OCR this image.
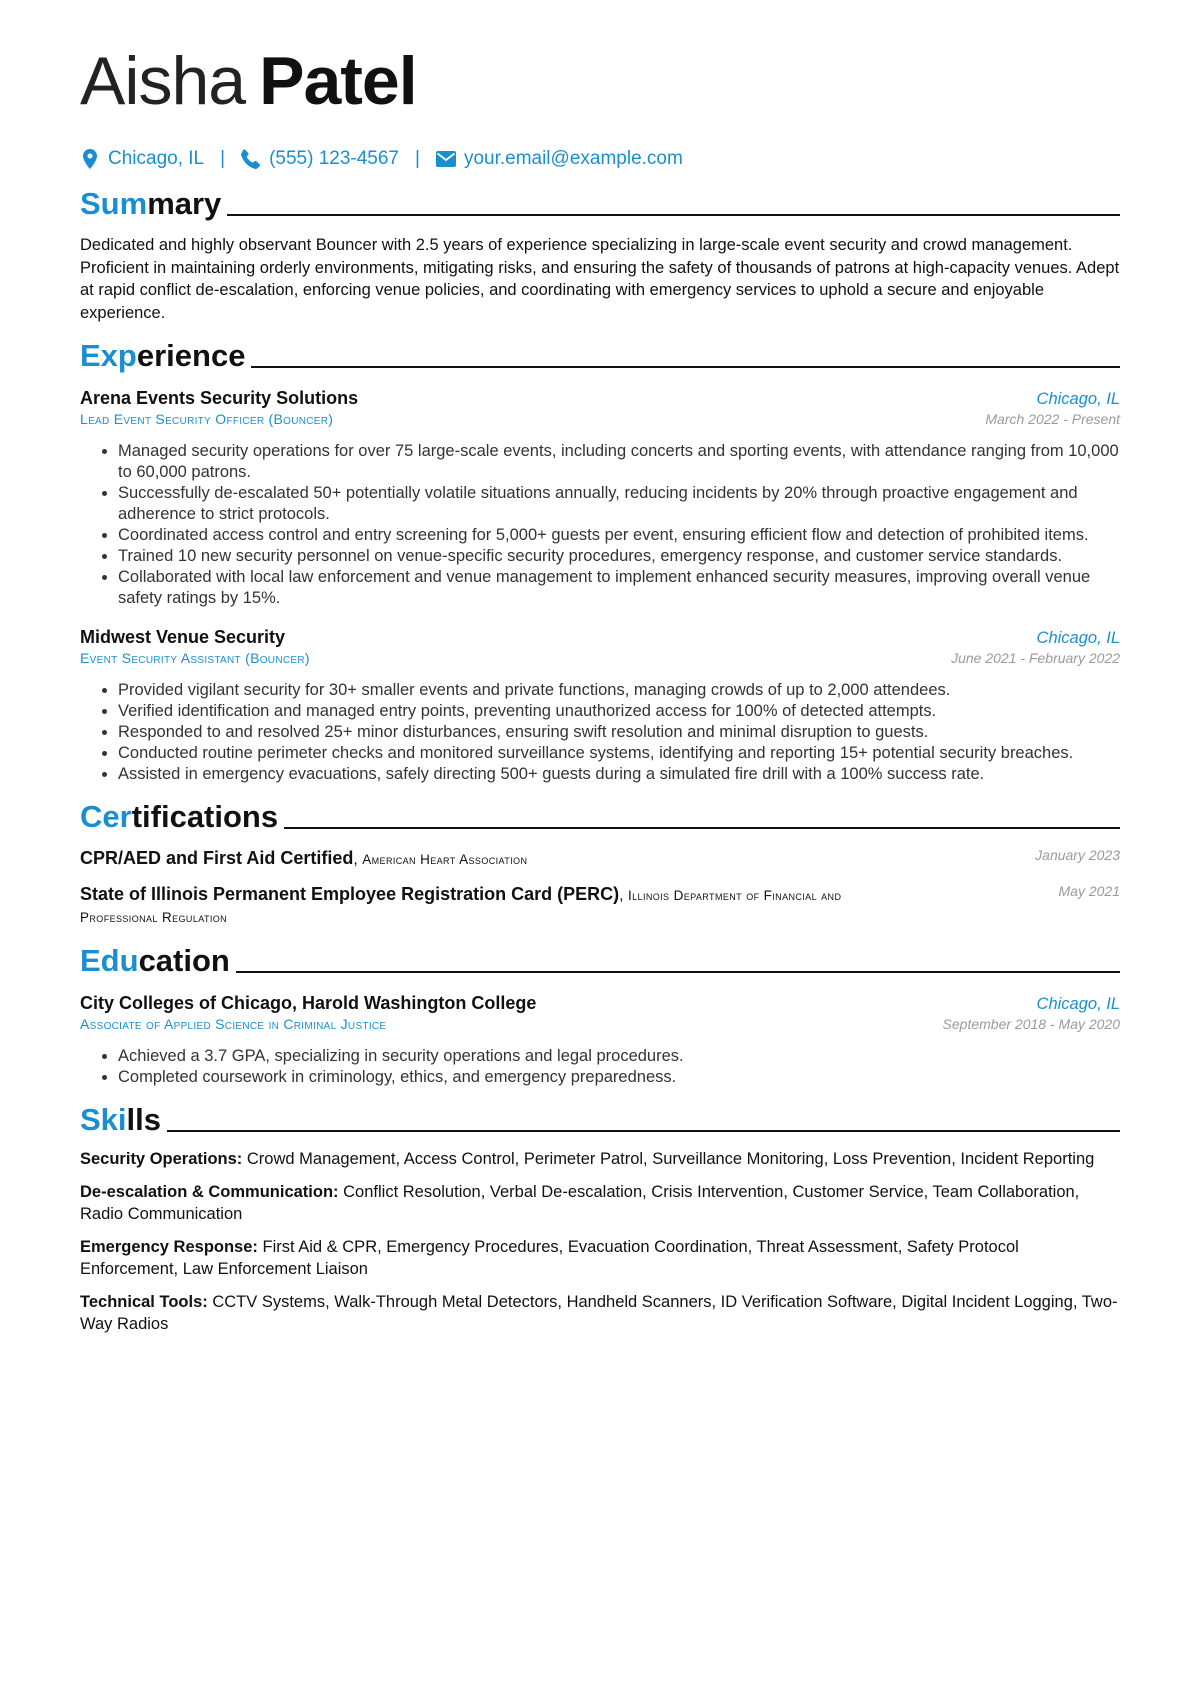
Aisha Patel
Chicago, IL | (555) 123-4567 | your.email@example.com
Summary
Dedicated and highly observant Bouncer with 2.5 years of experience specializing in large-scale event security and crowd management. Proficient in maintaining orderly environments, mitigating risks, and ensuring the safety of thousands of patrons at high-capacity venues. Adept at rapid conflict de-escalation, enforcing venue policies, and coordinating with emergency services to uphold a secure and enjoyable experience.
Experience
Arena Events Security Solutions	Chicago, IL
Lead Event Security Officer (Bouncer)	March 2022 - Present
• Managed security operations for over 75 large-scale events, including concerts and sporting events, with attendance ranging from 10,000 to 60,000 patrons.
• Successfully de-escalated 50+ potentially volatile situations annually, reducing incidents by 20% through proactive engagement and adherence to strict protocols.
• Coordinated access control and entry screening for 5,000+ guests per event, ensuring efficient flow and detection of prohibited items.
• Trained 10 new security personnel on venue-specific security procedures, emergency response, and customer service standards.
• Collaborated with local law enforcement and venue management to implement enhanced security measures, improving overall venue safety ratings by 15%.
Midwest Venue Security	Chicago, IL
Event Security Assistant (Bouncer)	June 2021 - February 2022
• Provided vigilant security for 30+ smaller events and private functions, managing crowds of up to 2,000 attendees.
• Verified identification and managed entry points, preventing unauthorized access for 100% of detected attempts.
• Responded to and resolved 25+ minor disturbances, ensuring swift resolution and minimal disruption to guests.
• Conducted routine perimeter checks and monitored surveillance systems, identifying and reporting 15+ potential security breaches.
• Assisted in emergency evacuations, safely directing 500+ guests during a simulated fire drill with a 100% success rate.
Certifications
CPR/AED and First Aid Certified, American Heart Association	January 2023
State of Illinois Permanent Employee Registration Card (PERC), Illinois Department of Financial and Professional Regulation
May 2021
Education
City Colleges of Chicago, Harold Washington College	Chicago, IL
Associate of Applied Science in Criminal Justice	September 2018 - May 2020
• Achieved a 3.7 GPA, specializing in security operations and legal procedures.
• Completed coursework in criminology, ethics, and emergency preparedness.
Skills
Security Operations: Crowd Management, Access Control, Perimeter Patrol, Surveillance Monitoring, Loss Prevention, Incident Reporting
De-escalation & Communication: Conflict Resolution, Verbal De-escalation, Crisis Intervention, Customer Service, Team Collaboration, Radio Communication
Emergency Response: First Aid & CPR, Emergency Procedures, Evacuation Coordination, Threat Assessment, Safety Protocol Enforcement, Law Enforcement Liaison
Technical Tools: CCTV Systems, Walk-Through Metal Detectors, Handheld Scanners, ID Verification Software, Digital Incident Logging, Two-Way Radios
